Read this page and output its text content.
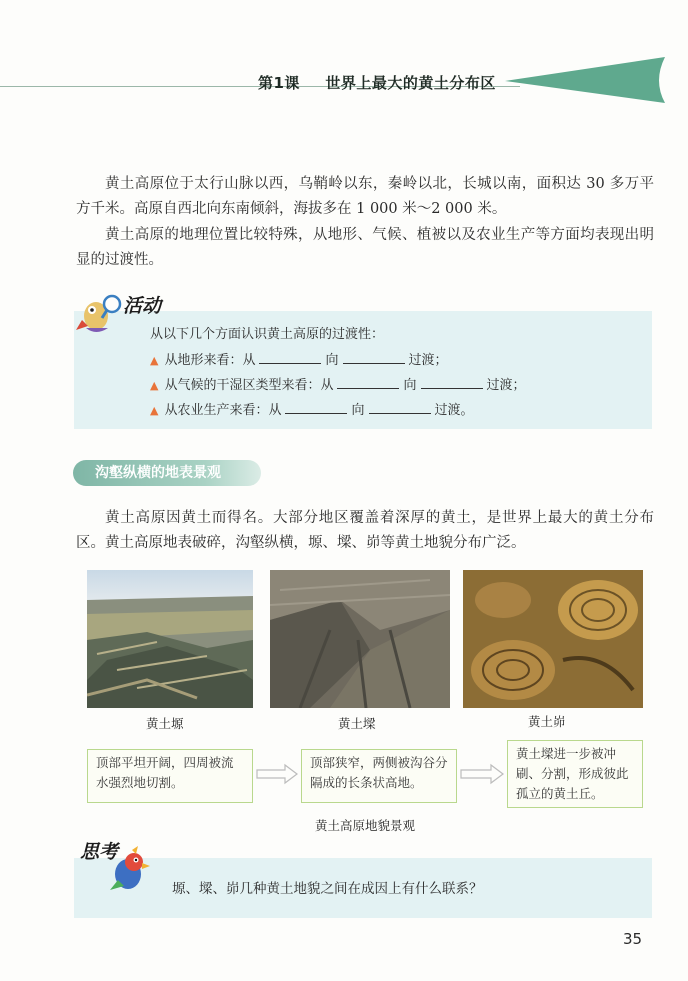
第1课 世界上最大的黄土分布区
黄土高原位于太行山脉以西，乌鞘岭以东，秦岭以北，长城以南，面积达 30 多万平方千米。高原自西北向东南倾斜，海拔多在 1 000 米～2 000 米。
黄土高原的地理位置比较特殊，从地形、气候、植被以及农业生产等方面均表现出明显的过渡性。
活动
从以下几个方面认识黄土高原的过渡性：
▲ 从地形来看：从	向	过渡；
▲ 从气候的干湿区类型来看：从	向	过渡；
▲ 从农业生产来看：从	向	过渡。
沟壑纵横的地表景观
黄土高原因黄土而得名。大部分地区覆盖着深厚的黄土，是世界上最大的黄土分布区。黄土高原地表破碎，沟壑纵横，塬、墚、峁等黄土地貌分布广泛。
黄土塬	黄土墚	黄土峁
顶部平坦开阔，四周被流水强烈地切割。
顶部狭窄，两侧被沟谷分隔成的长条状高地。
黄土墚进一步被冲刷、分割，形成彼此孤立的黄土丘。
黄土高原地貌景观
思考
塬、墚、峁几种黄土地貌之间在成因上有什么联系？
35
